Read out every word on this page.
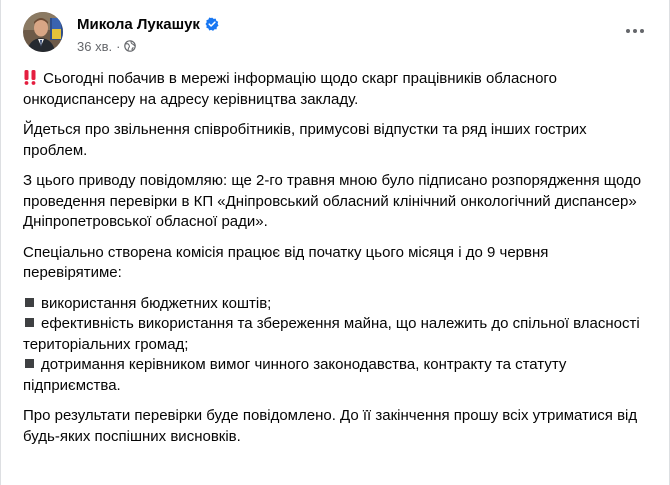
Микола Лукашук
36 хв. ·

Сьогодні побачив в мережі інформацію щодо скарг працівників обласного онкодиспансеру на адресу керівництва закладу.

Йдеться про звільнення співробітників, примусові відпустки та ряд інших гострих проблем.

З цього приводу повідомляю: ще 2-го травня мною було підписано розпорядження щодо проведення перевірки в КП «Дніпровський обласний клінічний онкологічний диспансер» Дніпропетровської обласної ради».

Спеціально створена комісія працює від початку цього місяця і до 9 червня перевірятиме:

використання бюджетних коштів;

ефективність використання та збереження майна, що належить до спільної власності територіальних громад;

дотримання керівником вимог чинного законодавства, контракту та статуту підприємства.

Про результати перевірки буде повідомлено. До її закінчення прошу всіх утриматися від будь-яких поспішних висновків.
